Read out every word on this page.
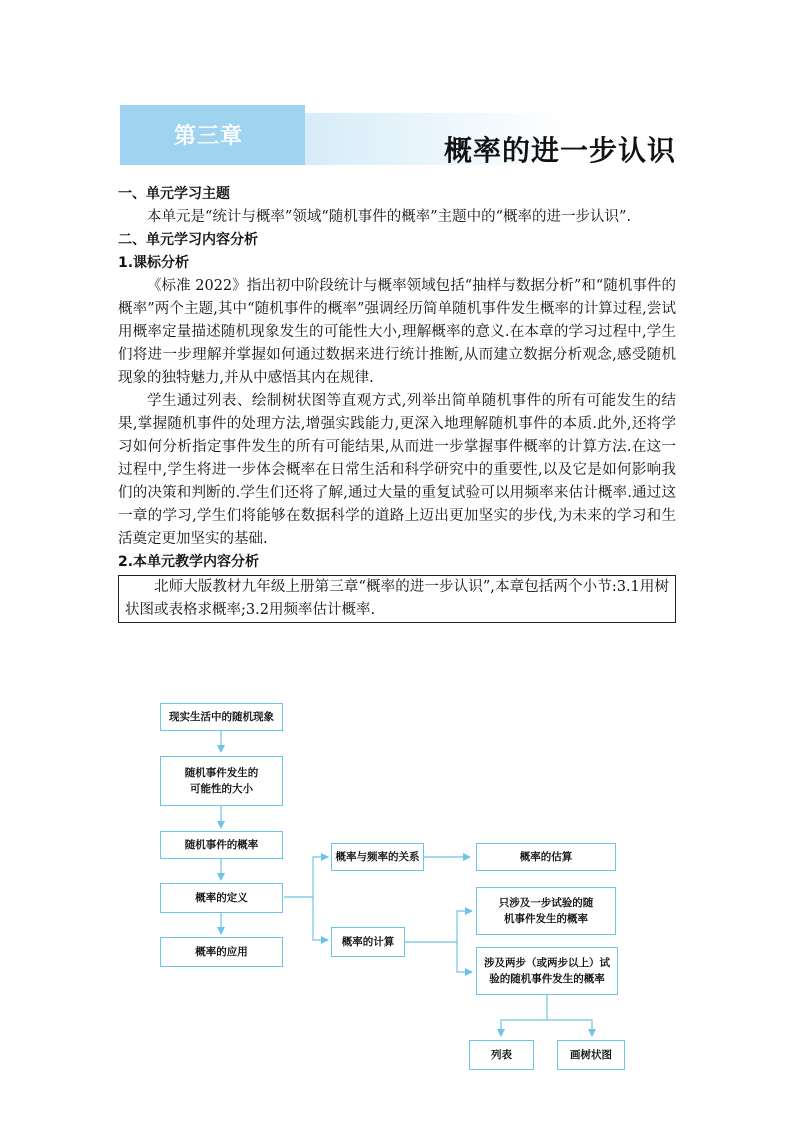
第三章	概率的进一步认识
一、单元学习主题

本单元是“统计与概率”领域“随机事件的概率”主题中的“概率的进一步认识”.

二、单元学习内容分析
1.课标分析

《标准 2022》指出初中阶段统计与概率领域包括“抽样与数据分析”和“随机事件的概率”两个主题,其中“随机事件的概率”强调经历简单随机事件发生概率的计算过程,尝试用概率定量描述随机现象发生的可能性大小,理解概率的意义.在本章的学习过程中,学生们将进一步理解并掌握如何通过数据来进行统计推断,从而建立数据分析观念,感受随机现象的独特魅力,并从中感悟其内在规律.

学生通过列表、绘制树状图等直观方式,列举出简单随机事件的所有可能发生的结果,掌握随机事件的处理方法,增强实践能力,更深入地理解随机事件的本质.此外,还将学习如何分析指定事件发生的所有可能结果,从而进一步掌握事件概率的计算方法.在这一过程中,学生将进一步体会概率在日常生活和科学研究中的重要性,以及它是如何影响我们的决策和判断的.学生们还将了解,通过大量的重复试验可以用频率来估计概率.通过这一章的学习,学生们将能够在数据科学的道路上迈出更加坚实的步伐,为未来的学习和生活奠定更加坚实的基础.

2.本单元教学内容分析

北师大版教材九年级上册第三章“概率的进一步认识”,本章包括两个小节:3.1用树状图或表格求概率;3.2用频率估计概率.

现实生活中的随机现象
随机事件发生的
可能性的大小
随机事件的概率
概率的定义
概率的应用
概率与频率的关系	概率的估算
概率的计算
只涉及一步试验的随
机事件发生的概率
涉及两步（或两步以上）试
验的随机事件发生的概率
列表	画树状图
